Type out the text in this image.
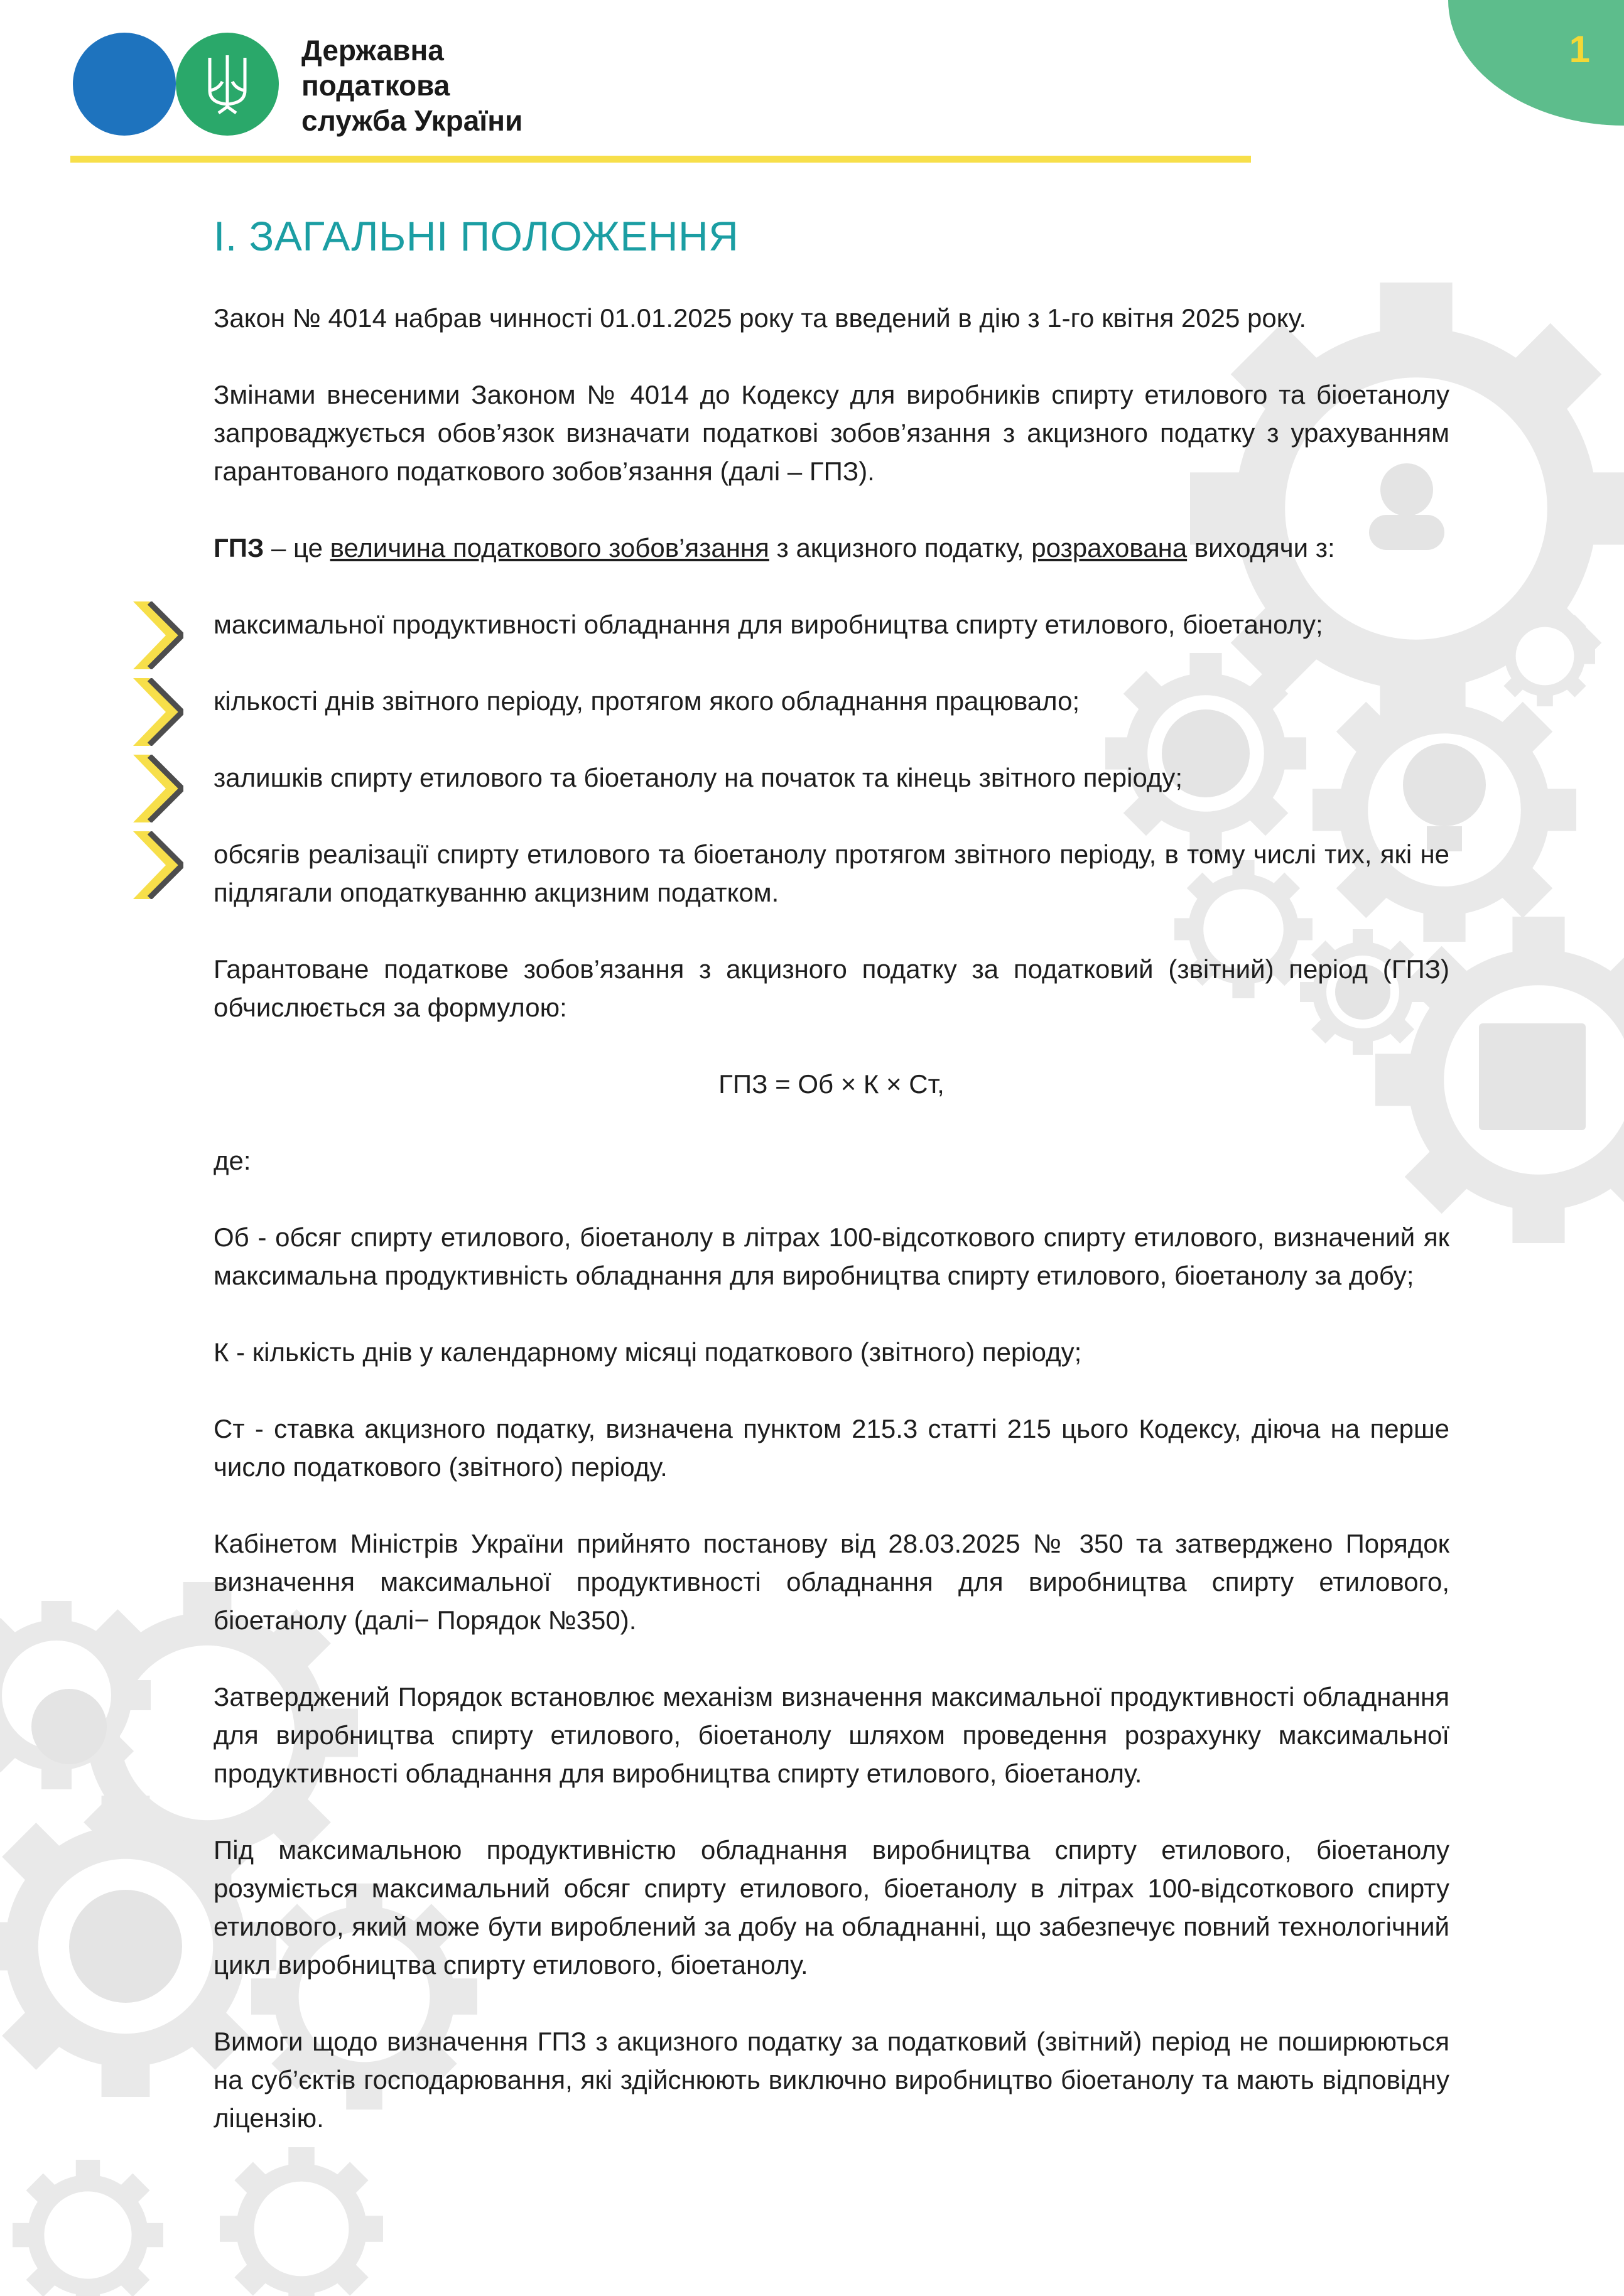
1
Державна
податкова
служба України
І. ЗАГАЛЬНІ ПОЛОЖЕННЯ

Закон № 4014 набрав чинності 01.01.2025 року та введений в дію з 1-го квітня 2025 року.

Змінами внесеними Законом № 4014 до Кодексу для виробників спирту етилового та біоетанолу запроваджується обов’язок визначати податкові зобов’язання з акцизного податку з урахуванням гарантованого податкового зобов’язання (далі – ГПЗ).

ГПЗ – це величина податкового зобов’язання з акцизного податку, розрахована виходячи з:

максимальної продуктивності обладнання для виробництва спирту етилового, біоетанолу;

кількості днів звітного періоду, протягом якого обладнання працювало;

залишків спирту етилового та біоетанолу на початок та кінець звітного періоду;

обсягів реалізації спирту етилового та біоетанолу протягом звітного періоду, в тому числі тих, які не підлягали оподаткуванню акцизним податком.

Гарантоване податкове зобов’язання з акцизного податку за податковий (звітний) період (ГПЗ) обчислюється за формулою:

ГПЗ = Об × К × Ст,

де:

Об - обсяг спирту етилового, біоетанолу в літрах 100-відсоткового спирту етилового, визначений як максимальна продуктивність обладнання для виробництва спирту етилового, біоетанолу за добу;

К - кількість днів у календарному місяці податкового (звітного) періоду;

Ст - ставка акцизного податку, визначена пунктом 215.3 статті 215 цього Кодексу, діюча на перше число податкового (звітного) періоду.

Кабінетом Міністрів України прийнято постанову від 28.03.2025 № 350 та затверджено Порядок визначення максимальної продуктивності обладнання для виробництва спирту етилового, біоетанолу (далі− Порядок №350).

Затверджений Порядок встановлює механізм визначення максимальної продуктивності обладнання для виробництва спирту етилового, біоетанолу шляхом проведення розрахунку максимальної продуктивності обладнання для виробництва спирту етилового, біоетанолу.

Під максимальною продуктивністю обладнання виробництва спирту етилового, біоетанолу розуміється максимальний обсяг спирту етилового, біоетанолу в літрах 100-відсоткового спирту етилового, який може бути вироблений за добу на обладнанні, що забезпечує повний технологічний цикл виробництва спирту етилового, біоетанолу.

Вимоги щодо визначення ГПЗ з акцизного податку за податковий (звітний) період не поширюються на суб’єктів господарювання, які здійснюють виключно виробництво біоетанолу та мають відповідну ліцензію.
